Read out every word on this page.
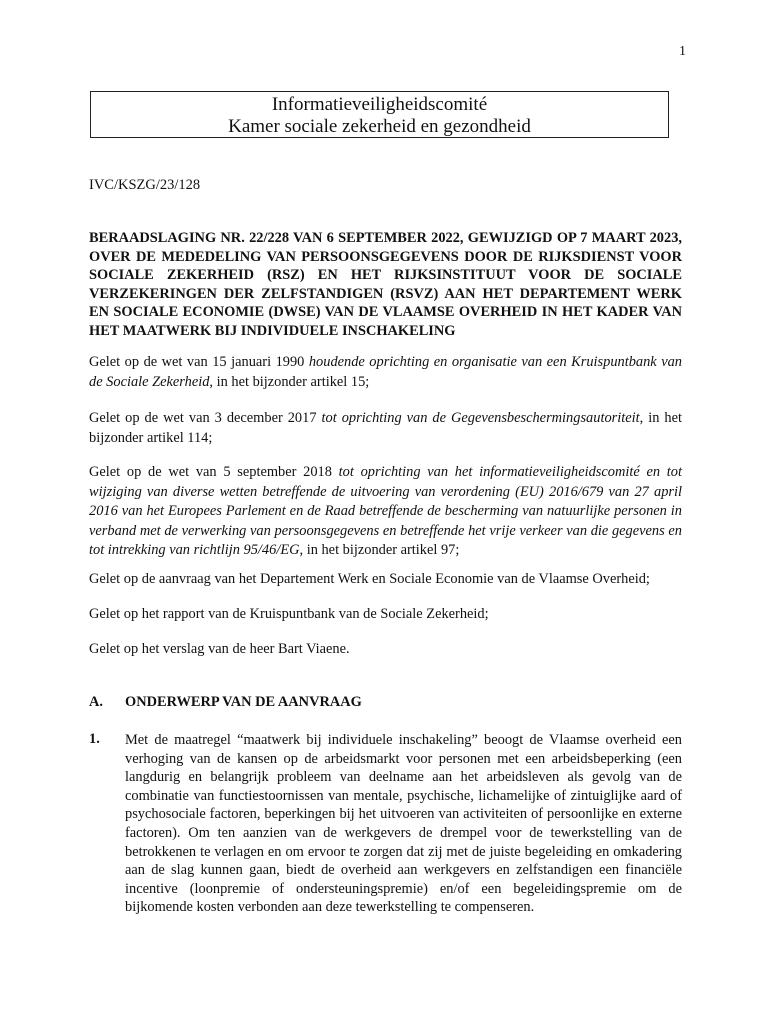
1
Informatieveiligheidscomité
Kamer sociale zekerheid en gezondheid
IVC/KSZG/23/128
BERAADSLAGING NR. 22/228 VAN 6 SEPTEMBER 2022, GEWIJZIGD OP 7 MAART 2023, OVER DE MEDEDELING VAN PERSOONSGEGEVENS DOOR DE RIJKSDIENST VOOR SOCIALE ZEKERHEID (RSZ) EN HET RIJKSINSTITUUT VOOR DE SOCIALE VERZEKERINGEN DER ZELFSTANDIGEN (RSVZ) AAN HET DEPARTEMENT WERK EN SOCIALE ECONOMIE (DWSE) VAN DE VLAAMSE OVERHEID IN HET KADER VAN HET MAATWERK BIJ INDIVIDUELE INSCHAKELING
Gelet op de wet van 15 januari 1990 houdende oprichting en organisatie van een Kruispuntbank van de Sociale Zekerheid, in het bijzonder artikel 15;
Gelet op de wet van 3 december 2017 tot oprichting van de Gegevensbeschermingsautoriteit, in het bijzonder artikel 114;
Gelet op de wet van 5 september 2018 tot oprichting van het informatieveiligheidscomité en tot wijziging van diverse wetten betreffende de uitvoering van verordening (EU) 2016/679 van 27 april 2016 van het Europees Parlement en de Raad betreffende de bescherming van natuurlijke personen in verband met de verwerking van persoonsgegevens en betreffende het vrije verkeer van die gegevens en tot intrekking van richtlijn 95/46/EG, in het bijzonder artikel 97;
Gelet op de aanvraag van het Departement Werk en Sociale Economie van de Vlaamse Overheid;
Gelet op het rapport van de Kruispuntbank van de Sociale Zekerheid;
Gelet op het verslag van de heer Bart Viaene.
A. ONDERWERP VAN DE AANVRAAG
1. Met de maatregel “maatwerk bij individuele inschakeling” beoogt de Vlaamse overheid een verhoging van de kansen op de arbeidsmarkt voor personen met een arbeidsbeperking (een langdurig en belangrijk probleem van deelname aan het arbeidsleven als gevolg van de combinatie van functiestoornissen van mentale, psychische, lichamelijke of zintuiglijke aard of psychosociale factoren, beperkingen bij het uitvoeren van activiteiten of persoonlijke en externe factoren). Om ten aanzien van de werkgevers de drempel voor de tewerkstelling van de betrokkenen te verlagen en om ervoor te zorgen dat zij met de juiste begeleiding en omkadering aan de slag kunnen gaan, biedt de overheid aan werkgevers en zelfstandigen een financiële incentive (loonpremie of ondersteuningspremie) en/of een begeleidingspremie om de bijkomende kosten verbonden aan deze tewerkstelling te compenseren.
